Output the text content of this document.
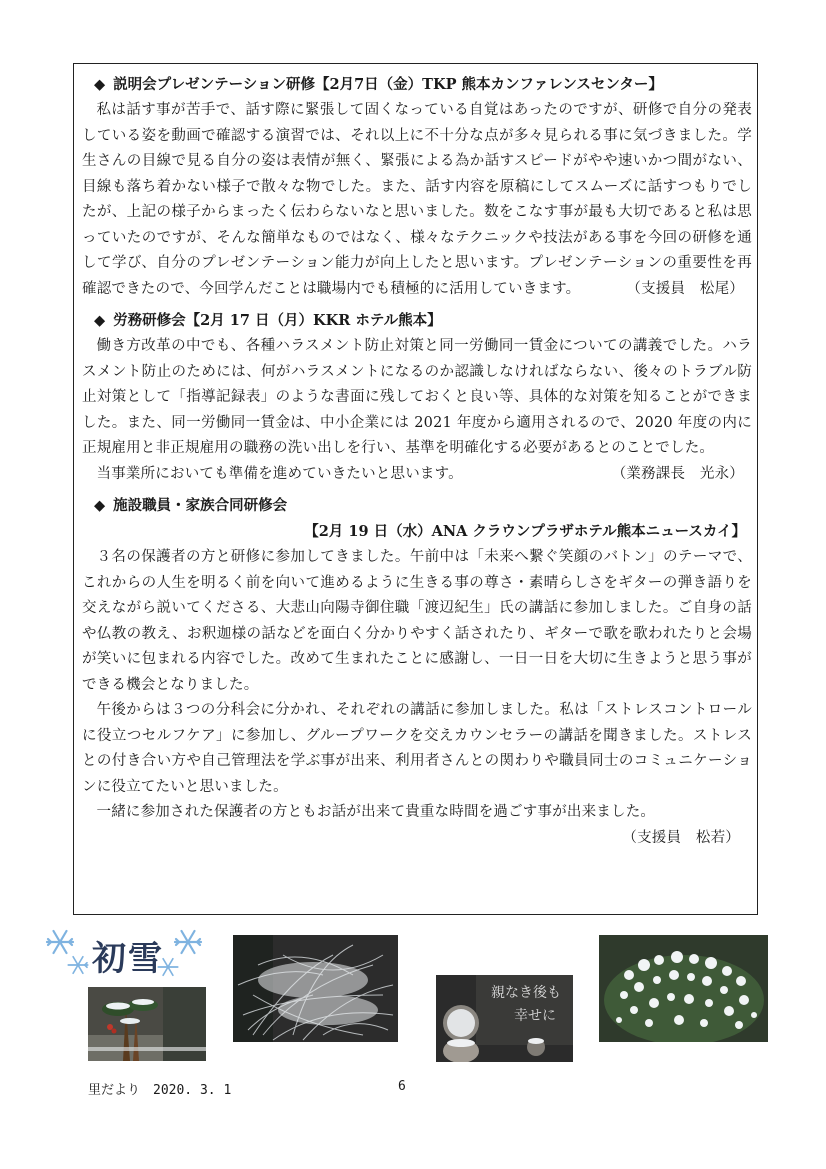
◆ 説明会プレゼンテーション研修【2月7日（金）TKP 熊本カンファレンスセンター】

私は話す事が苦手で、話す際に緊張して固くなっている自覚はあったのですが、研修で自分の発表している姿を動画で確認する演習では、それ以上に不十分な点が多々見られる事に気づきました。学生さんの目線で見る自分の姿は表情が無く、緊張による為か話すスピードがやや速いかつ間がない、目線も落ち着かない様子で散々な物でした。また、話す内容を原稿にしてスムーズに話すつもりでしたが、上記の様子からまったく伝わらないなと思いました。数をこなす事が最も大切であると私は思っていたのですが、そんな簡単なものではなく、様々なテクニックや技法がある事を今回の研修を通して学び、自分のプレゼンテーション能力が向上したと思います。プレゼンテーションの重要性を再確認できたので、今回学んだことは職場内でも積極的に活用していきます。	（支援員　松尾）

◆ 労務研修会【2月 17 日（月）KKR ホテル熊本】

働き方改革の中でも、各種ハラスメント防止対策と同一労働同一賃金についての講義でした。ハラスメント防止のためには、何がハラスメントになるのか認識しなければならない、後々のトラブル防止対策として「指導記録表」のような書面に残しておくと良い等、具体的な対策を知ることができました。また、同一労働同一賃金は、中小企業には 2021 年度から適用されるので、2020 年度の内に正規雇用と非正規雇用の職務の洗い出しを行い、基準を明確化する必要があるとのことでした。

当事業所においても準備を進めていきたいと思います。	（業務課長　光永）

◆ 施設職員・家族合同研修会
【2月 19 日（水）ANA クラウンプラザホテル熊本ニュースカイ】

３名の保護者の方と研修に参加してきました。午前中は「未来へ繋ぐ笑顔のバトン」のテーマで、これからの人生を明るく前を向いて進めるように生きる事の尊さ・素晴らしさをギターの弾き語りを交えながら説いてくださる、大悲山向陽寺御住職「渡辺紀生」氏の講話に参加しました。ご自身の話や仏教の教え、お釈迦様の話などを面白く分かりやすく話されたり、ギターで歌を歌われたりと会場が笑いに包まれる内容でした。改めて生まれたことに感謝し、一日一日を大切に生きようと思う事ができる機会となりました。

午後からは３つの分科会に分かれ、それぞれの講話に参加しました。私は「ストレスコントロールに役立つセルフケア」に参加し、グループワークを交えカウンセラーの講話を聞きました。ストレスとの付き合い方や自己管理法を学ぶ事が出来、利用者さんとの関わりや職員同士のコミュニケーションに役立てたいと思いました。

一緒に参加された保護者の方ともお話が出来て貴重な時間を過ごす事が出来ました。

（支援員　松若）

初雪
親なき後も
幸せに
里だより　2020. 3. 1	6
